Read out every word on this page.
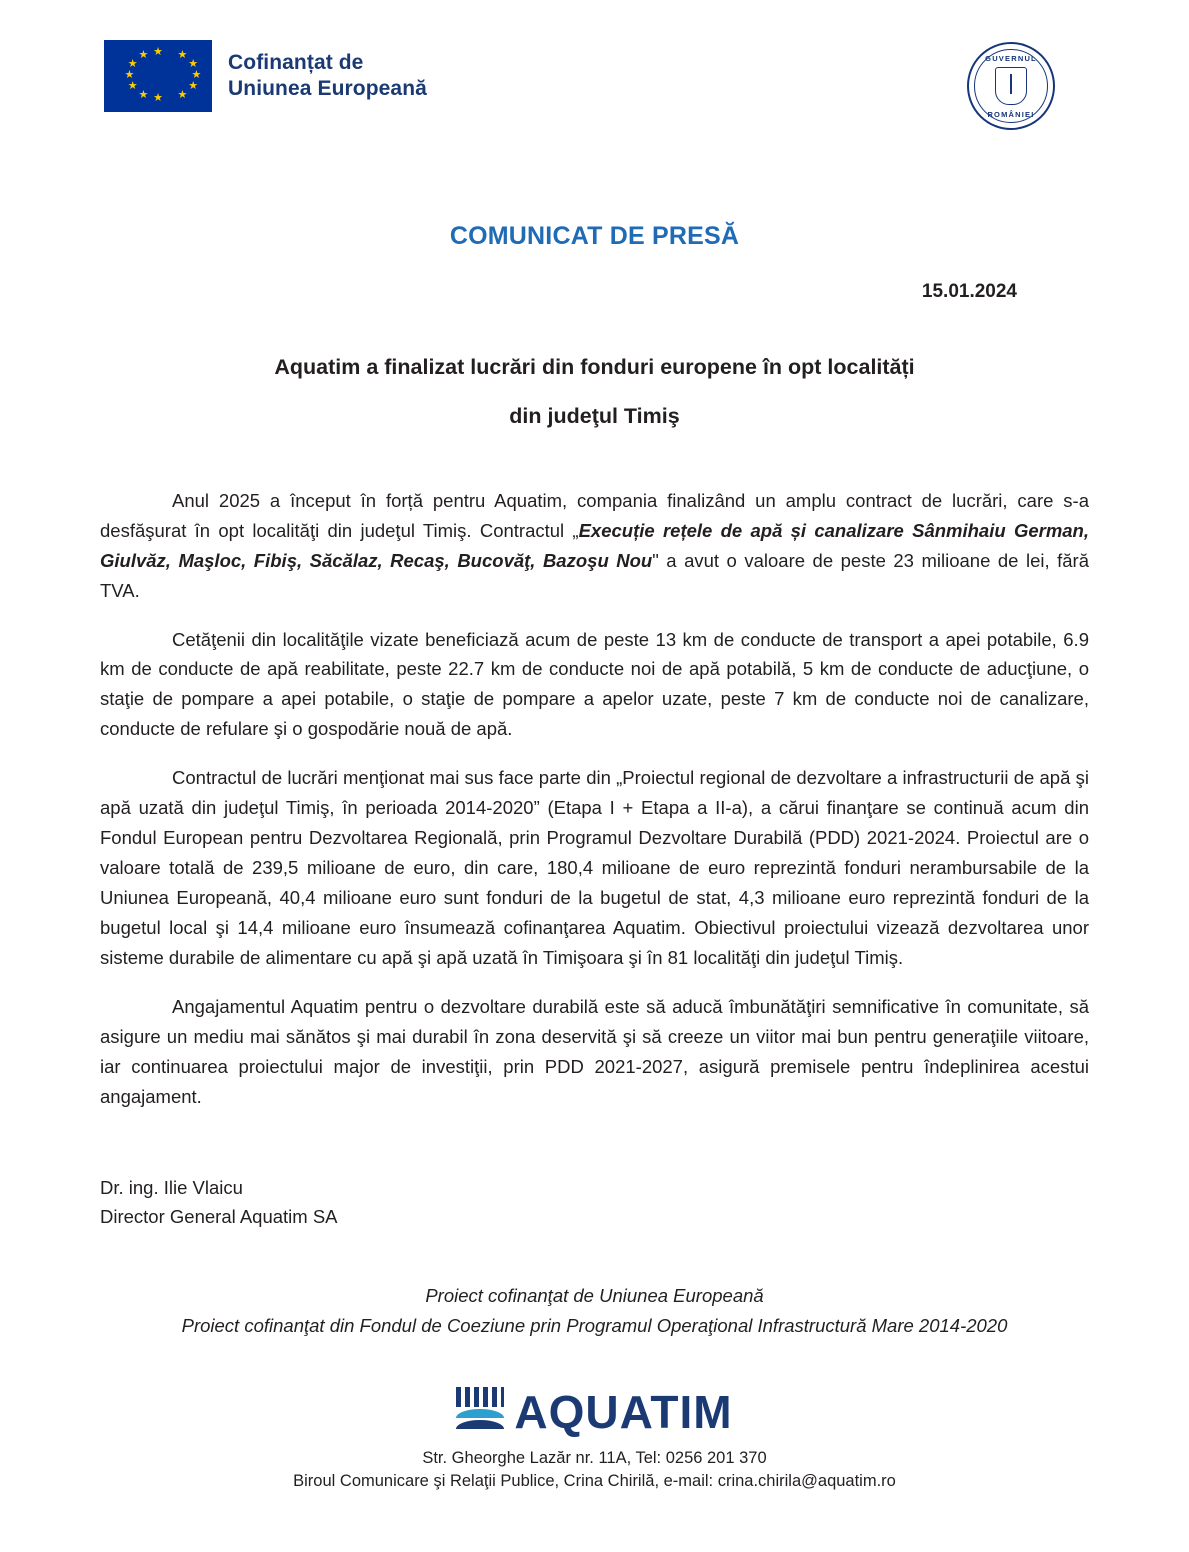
★ ★
★
★
★
★
★
★
★
★
★
★	Cofinanțat de
Uniunea Europeană
GUVERNUL
ROMÂNIEI
COMUNICAT DE PRESĂ
15.01.2024
Aquatim a finalizat lucrări din fonduri europene în opt localități
din judeţul Timiş

Anul 2025 a început în forță pentru Aquatim, compania finalizând un amplu contract de lucrări, care s-a desfăşurat în opt localităţi din judeţul Timiş. Contractul „Execuție rețele de apă și canalizare Sânmihaiu German, Giulvăz, Maşloc, Fibiş, Săcălaz, Recaş, Bucovăţ, Bazoşu Nou" a avut o valoare de peste 23 milioane de lei, fără TVA.

Cetăţenii din localităţile vizate beneficiază acum de peste 13 km de conducte de transport a apei potabile, 6.9 km de conducte de apă reabilitate, peste 22.7 km de conducte noi de apă potabilă, 5 km de conducte de aducţiune, o staţie de pompare a apei potabile, o staţie de pompare a apelor uzate, peste 7 km de conducte noi de canalizare, conducte de refulare şi o gospodărie nouă de apă.

Contractul de lucrări menţionat mai sus face parte din „Proiectul regional de dezvoltare a infrastructurii de apă şi apă uzată din judeţul Timiş, în perioada 2014-2020” (Etapa I + Etapa a II-a), a cărui finanţare se continuă acum din Fondul European pentru Dezvoltarea Regională, prin Programul Dezvoltare Durabilă (PDD) 2021-2024. Proiectul are o valoare totală de 239,5 milioane de euro, din care, 180,4 milioane de euro reprezintă fonduri nerambursabile de la Uniunea Europeană, 40,4 milioane euro sunt fonduri de la bugetul de stat, 4,3 milioane euro reprezintă fonduri de la bugetul local şi 14,4 milioane euro însumează cofinanţarea Aquatim. Obiectivul proiectului vizează dezvoltarea unor sisteme durabile de alimentare cu apă şi apă uzată în Timişoara şi în 81 localităţi din judeţul Timiş.

Angajamentul Aquatim pentru o dezvoltare durabilă este să aducă îmbunătăţiri semnificative în comunitate, să asigure un mediu mai sănătos şi mai durabil în zona deservită şi să creeze un viitor mai bun pentru generaţiile viitoare, iar continuarea proiectului major de investiţii, prin PDD 2021-2027, asigură premisele pentru îndeplinirea acestui angajament.

Dr. ing. Ilie Vlaicu
Director General Aquatim SA
Proiect cofinanţat de Uniunea Europeană
Proiect cofinanţat din Fondul de Coeziune prin Programul Operaţional Infrastructură Mare 2014-2020
AQUATIM
Str. Gheorghe Lazăr nr. 11A, Tel: 0256 201 370
Biroul Comunicare şi Relaţii Publice, Crina Chirilă, e-mail: crina.chirila@aquatim.ro
